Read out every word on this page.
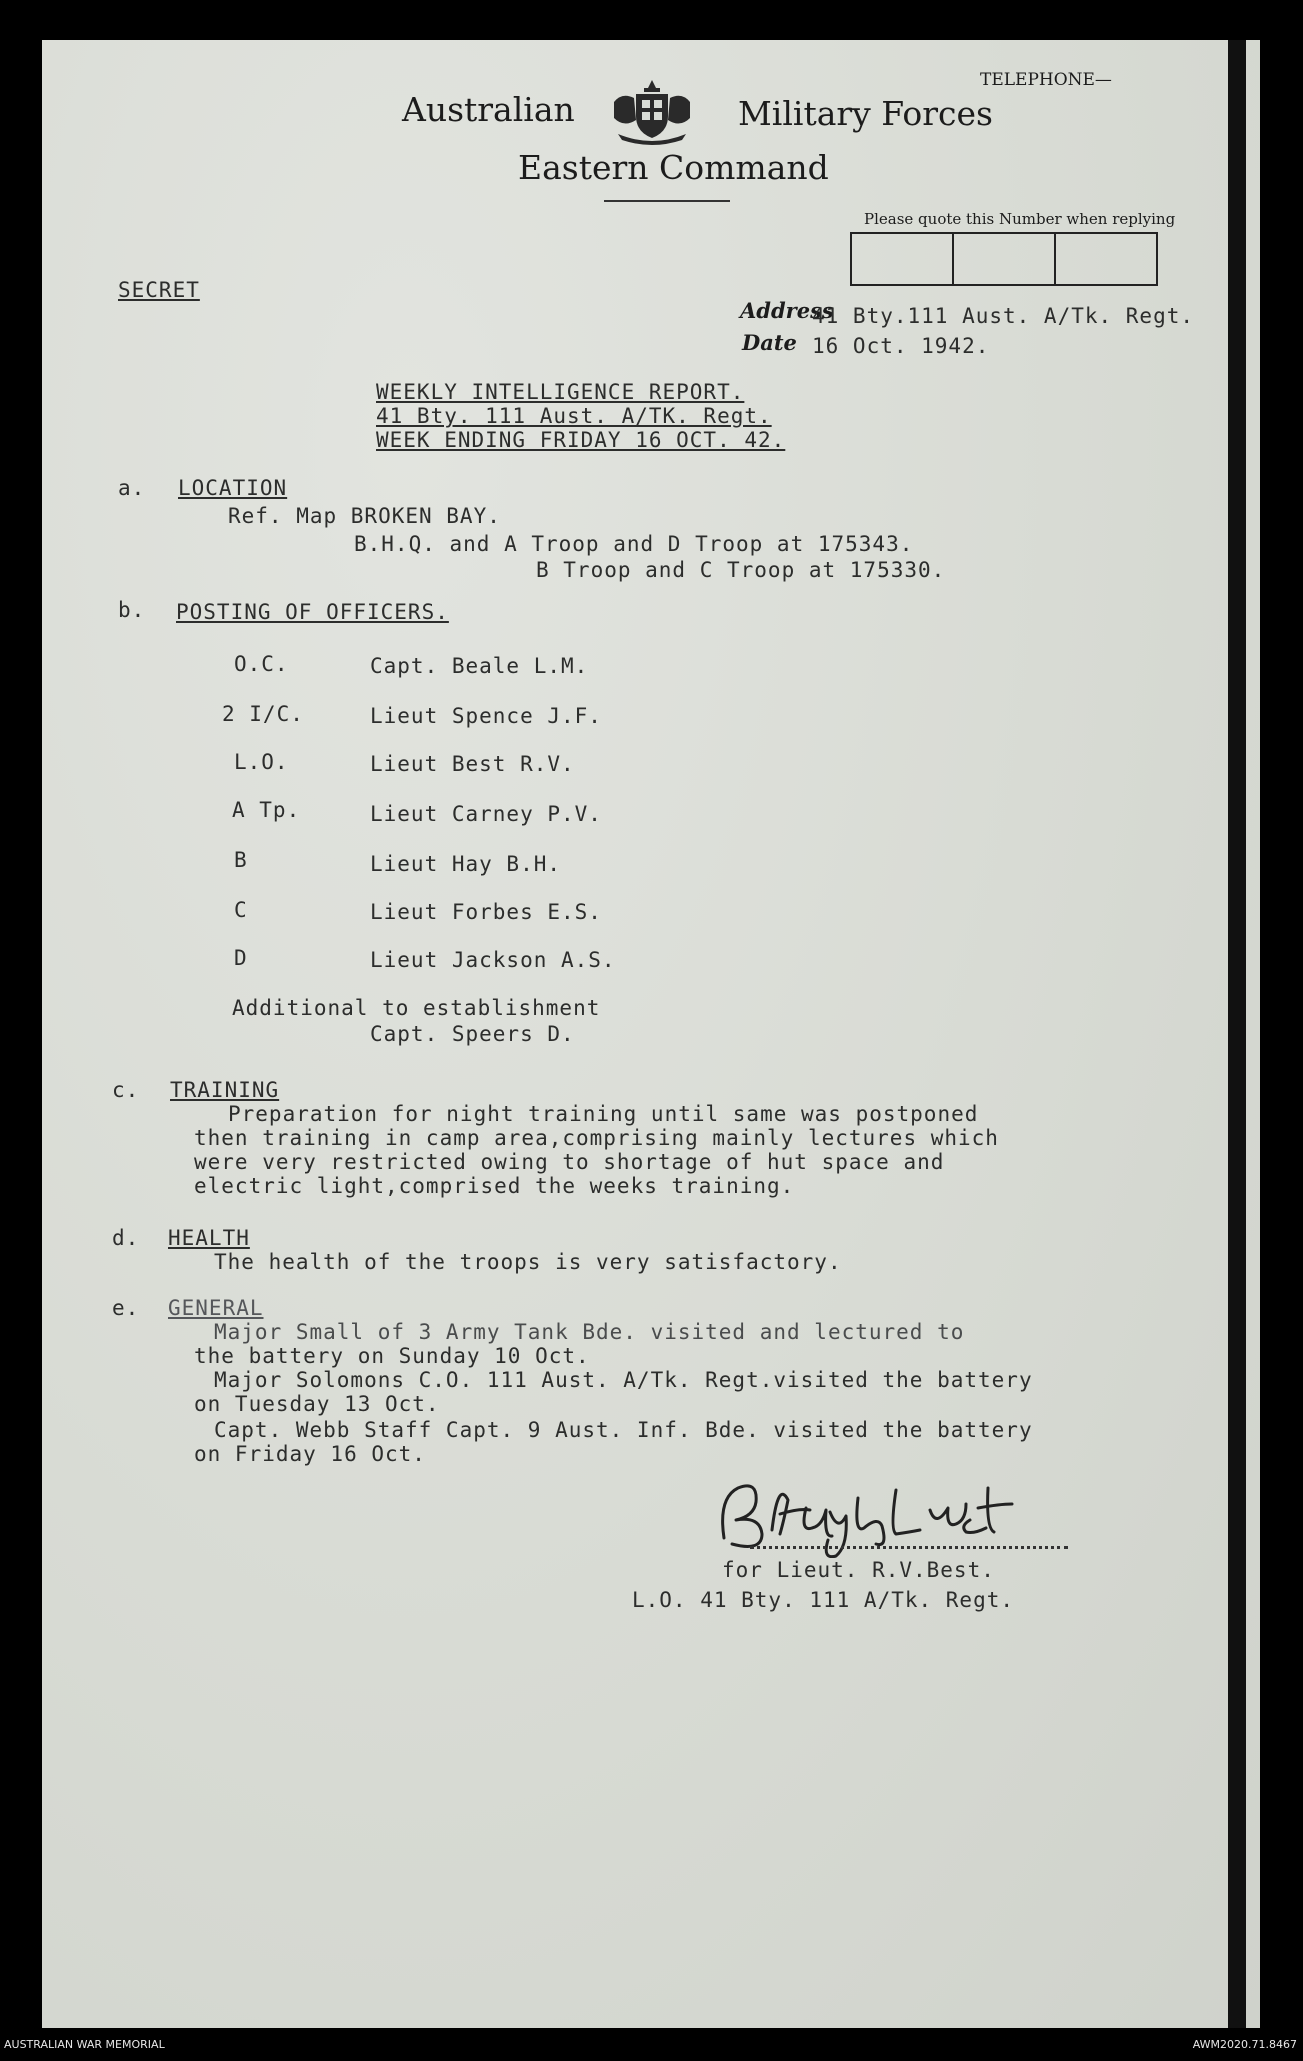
Australian	Military Forces
Eastern Command
TELEPHONE—
Please quote this Number when replying
SECRET
Address
41 Bty.111 Aust. A/Tk. Regt.
Date 16 Oct. 1942.
WEEKLY INTELLIGENCE REPORT.
41 Bty. 111 Aust. A/TK. Regt.
WEEK ENDING FRIDAY 16 OCT. 42.
a. LOCATION
Ref. Map BROKEN BAY.
B.H.Q. and A Troop and D Troop at 175343.
B Troop and C Troop at 175330.
b. POSTING OF OFFICERS.
O.C.	Capt. Beale L.M.
2 I/C.	Lieut Spence J.F.
L.O.	Lieut Best R.V.
A Tp.	Lieut Carney P.V.
B	Lieut Hay B.H.
C	Lieut Forbes E.S.
D	Lieut Jackson A.S.
Additional to establishment
Capt. Speers D.
c. TRAINING
Preparation for night training until same was postponed
then training in camp area,comprising mainly lectures which
were very restricted owing to shortage of hut space and
electric light,comprised the weeks training.
d. HEALTH
The health of the troops is very satisfactory.
e. GENERAL
Major Small of 3 Army Tank Bde. visited and lectured to
the battery on Sunday 10 Oct.
Major Solomons C.O. 111 Aust. A/Tk. Regt.visited the battery
on Tuesday 13 Oct.
Capt. Webb Staff Capt. 9 Aust. Inf. Bde. visited the battery
on Friday 16 Oct.
for Lieut. R.V.Best.
L.O. 41 Bty. 111 A/Tk. Regt.
AUSTRALIAN WAR MEMORIAL	AWM2020.71.8467
